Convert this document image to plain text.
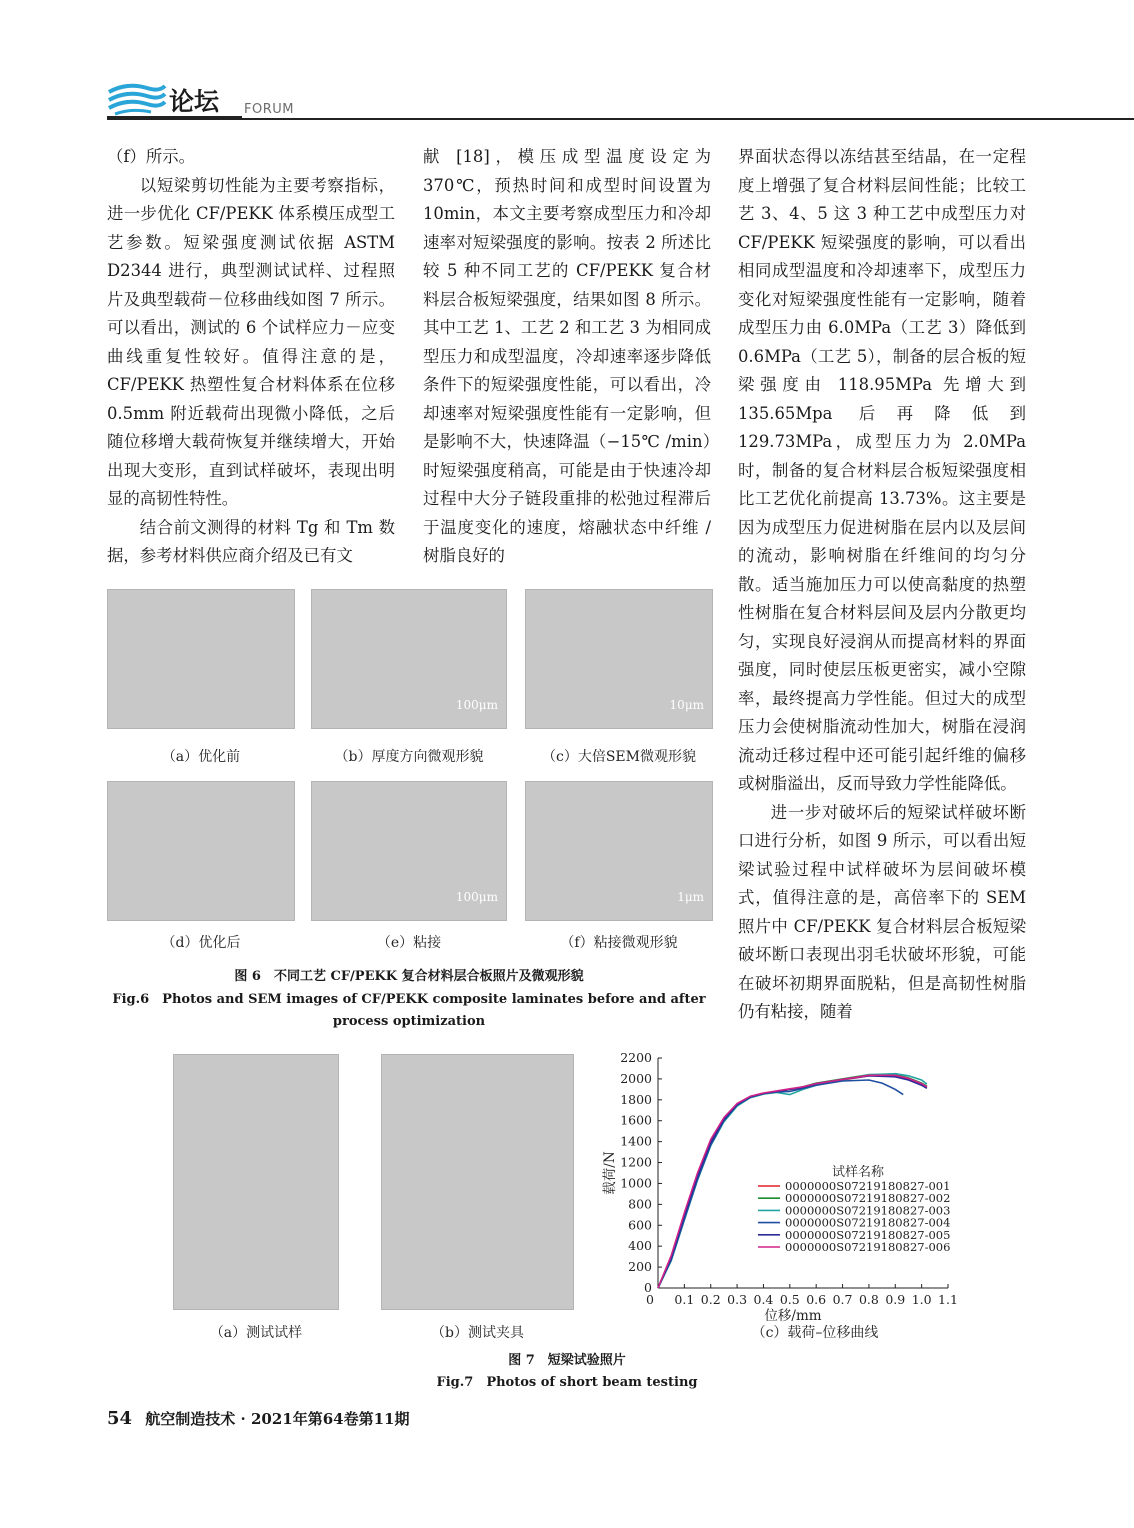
论坛 FORUM

（f）所示。

以短梁剪切性能为主要考察指标，进一步优化 CF/PEKK 体系模压成型工艺参数。短梁强度测试依据 ASTM D2344 进行，典型测试试样、过程照片及典型载荷－位移曲线如图 7 所示。可以看出，测试的 6 个试样应力－应变曲线重复性较好。值得注意的是，CF/PEKK 热塑性复合材料体系在位移 0.5mm 附近载荷出现微小降低，之后随位移增大载荷恢复并继续增大，开始出现大变形，直到试样破坏，表现出明显的高韧性特性。

结合前文测得的材料 Tg 和 Tm 数据，参考材料供应商介绍及已有文

献 [18]，模压成型温度设定为 370℃，预热时间和成型时间设置为 10min，本文主要考察成型压力和冷却速率对短梁强度的影响。按表 2 所述比较 5 种不同工艺的 CF/PEKK 复合材料层合板短梁强度，结果如图 8 所示。其中工艺 1、工艺 2 和工艺 3 为相同成型压力和成型温度，冷却速率逐步降低条件下的短梁强度性能，可以看出，冷却速率对短梁强度性能有一定影响，但是影响不大，快速降温（−15℃ /min）时短梁强度稍高，可能是由于快速冷却过程中大分子链段重排的松弛过程滞后于温度变化的速度，熔融状态中纤维 / 树脂良好的

界面状态得以冻结甚至结晶，在一定程度上增强了复合材料层间性能；比较工艺 3、4、5 这 3 种工艺中成型压力对 CF/PEKK 短梁强度的影响，可以看出相同成型温度和冷却速率下，成型压力变化对短梁强度性能有一定影响，随着成型压力由 6.0MPa（工艺 3）降低到 0.6MPa（工艺 5），制备的层合板的短梁强度由 118.95MPa 先增大到 135.65Mpa 后再降低到 129.73MPa，成型压力为 2.0MPa 时，制备的复合材料层合板短梁强度相比工艺优化前提高 13.73%。这主要是因为成型压力促进树脂在层内以及层间的流动，影响树脂在纤维间的均匀分散。适当施加压力可以使高黏度的热塑性树脂在复合材料层间及层内分散更均匀，实现良好浸润从而提高材料的界面强度，同时使层压板更密实，减小空隙率，最终提高力学性能。但过大的成型压力会使树脂流动性加大，树脂在浸润流动迁移过程中还可能引起纤维的偏移或树脂溢出，反而导致力学性能降低。

进一步对破坏后的短梁试样破坏断口进行分析，如图 9 所示，可以看出短梁试验过程中试样破坏为层间破坏模式，值得注意的是，高倍率下的 SEM 照片中 CF/PEKK 复合材料层合板短梁破坏断口表现出羽毛状破坏形貌，可能在破坏初期界面脱粘，但是高韧性树脂仍有粘接，随着

100μm	10μm
（a）优化前	（b）厚度方向微观形貌	（c）大倍SEM微观形貌
100μm	1μm
（d）优化后	（e）粘接	（f）粘接微观形貌
图 6　不同工艺 CF/PEKK 复合材料层合板照片及微观形貌
Fig.6　Photos and SEM images of CF/PEKK composite laminates before and after
process optimization
0
200
400
600
800
1000
1200
1400
1600
1800
2000
2200
0 0.1 0.2 0.3 0.4 0.5 0.6 0.7 0.8 0.9 1.0 1.1
位移/mm
载荷/N	试样名称
0000000S07219180827-001
0000000S07219180827-002
0000000S07219180827-003
0000000S07219180827-004
0000000S07219180827-005
0000000S07219180827-006
（a）测试试样	（b）测试夹具	（c）载荷–位移曲线
图 7　短梁试验照片
Fig.7　Photos of short beam testing
54 航空制造技术 · 2021年第64卷第11期
